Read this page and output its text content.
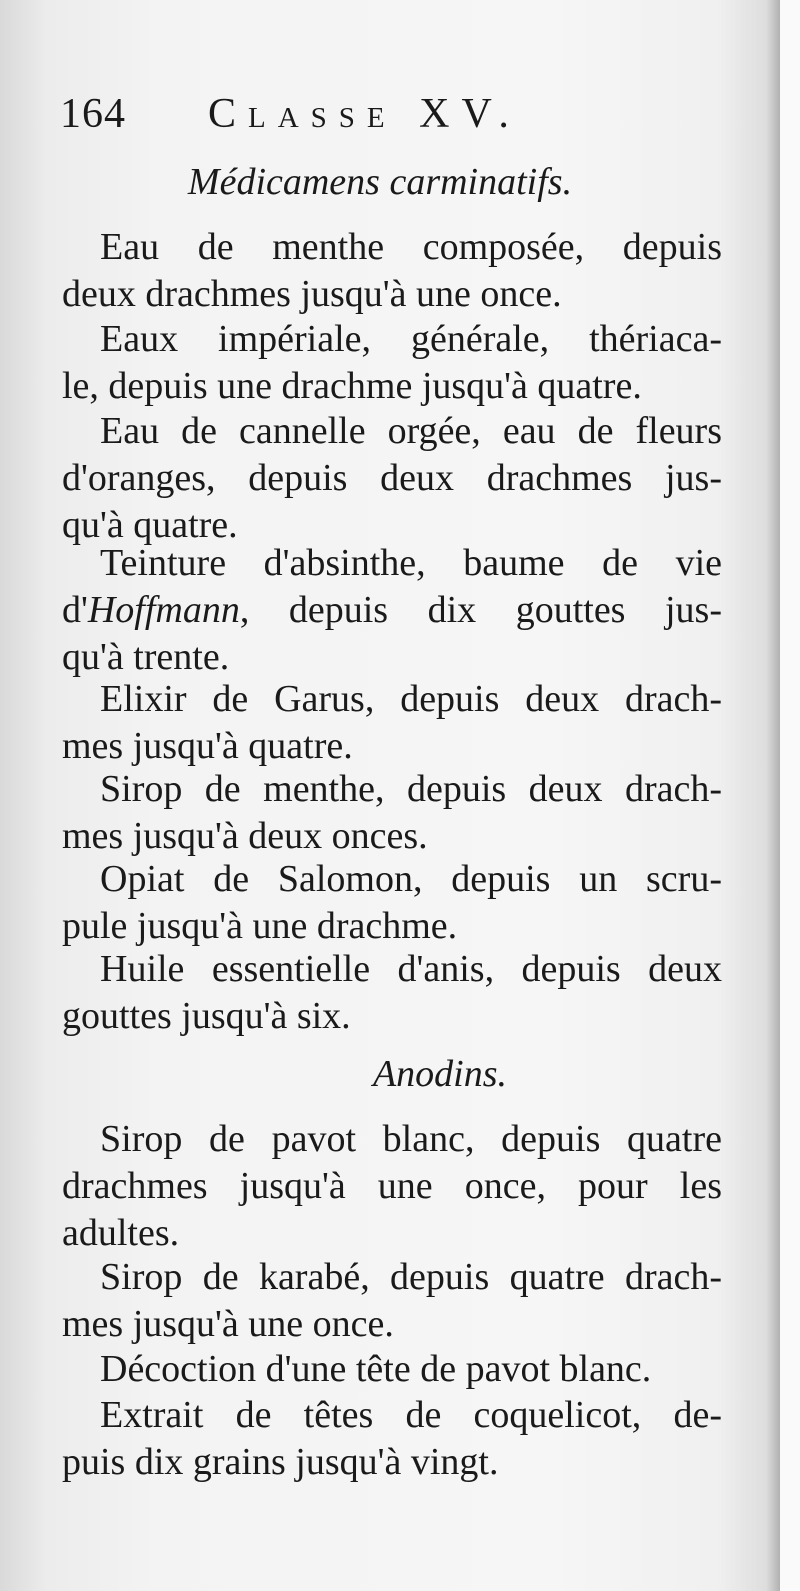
164 Classe XV.
Médicamens carminatifs.
Eau de menthe composée, depuis
deux drachmes jusqu'à une once.
Eaux impériale, générale, thériaca-
le, depuis une drachme jusqu'à quatre.
Eau de cannelle orgée, eau de fleurs
d'oranges, depuis deux drachmes jus-
qu'à quatre.
Teinture d'absinthe, baume de vie
d'Hoffmann, depuis dix gouttes jus-
qu'à trente.
Elixir de Garus, depuis deux drach-
mes jusqu'à quatre.
Sirop de menthe, depuis deux drach-
mes jusqu'à deux onces.
Opiat de Salomon, depuis un scru-
pule jusqu'à une drachme.
Huile essentielle d'anis, depuis deux
gouttes jusqu'à six.
Anodins.
Sirop de pavot blanc, depuis quatre
drachmes jusqu'à une once, pour les
adultes.
Sirop de karabé, depuis quatre drach-
mes jusqu'à une once.
Décoction d'une tête de pavot blanc.
Extrait de têtes de coquelicot, de-
puis dix grains jusqu'à vingt.
